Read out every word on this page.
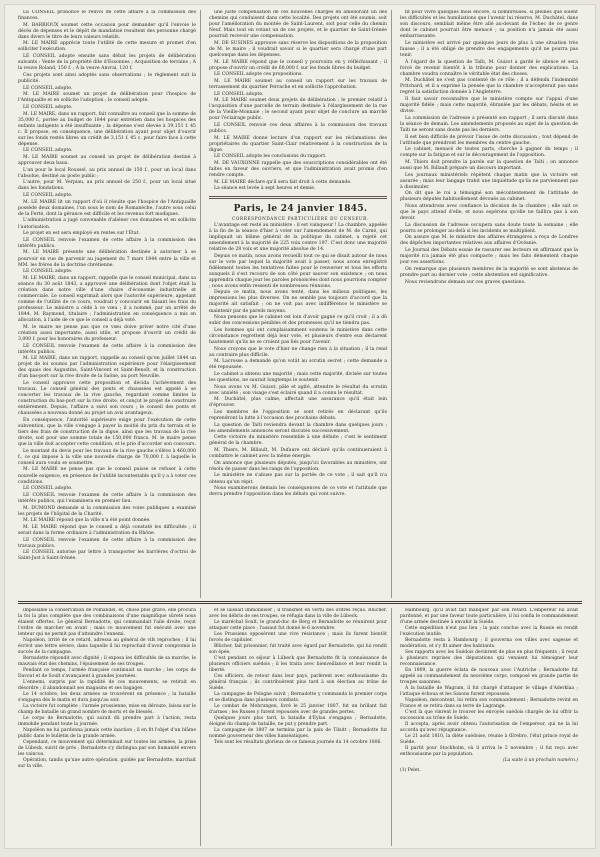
LE CONSEIL prononce le renvoi de cette affaire à la commission des finances.

M. BARRIOUX soumet cette occasion pour demander qu'il l'envoie le décès de dépenses et le dépôt de mandatisé resultent des personne chargé dans divers le titre de leurs valeurs relatifs.

M. LE MAIRE apprécie toute l'utilité de cette mesure et promet d'en solliciter l'exécution.

LE CONSEIL adopte ensuite sans débat les projets de délibération suivants : Vente de la propriété dite d'Essonnes ; Acquisition de terrains ; À la veuve Roland, 150 f. ; À la veuve Anvrai, 120 f.

Ces projets sont ainsi adoptés sans observations ; le règlement suit la publicité.

LE CONSEIL adopte.

M. LE MAIRE soumet un projet de délibération pour l'hospice de l'Antiquaille et en sollicite l'adoption ; le conseil adopte.

LE CONSEIL adopte.

M. LE MAIRE, dans un rapport, fait connaître au conseil que la somme de 35,000 f., portée au budget de 1844 pour entretien dans les hospices des enfants indigents a été insuffisante ; la dépense s'est élevée à 39,151 f. 45 c. Il propose, en conséquence, une délibération ayant pour objet d'ouvrir sur les fonds restés libres un crédit de 3,151 f. 45 c. pour faire face à cette dépense.

LE CONSEIL adopte.

M. LE MAIRE soumet au conseil un projet de délibération destiné à approuver deux baux.

L'un pour le local Roussel, au prix annuel de 150 f., pour un local dans l'absolue, destiné au poste public ;

L'autre, pour M. Verpiau, au prix annuel de 250 f., pour un local situé dans les fondations.

LE CONSEIL adopte.

M. LE MAIRE lit un rapport d'où il résulte que l'hospice de l'Antiquaille possède deux domaines, l'un sous le nom de Romanèche, l'autre sous celui de la Ferté, dont la gérance est difficile et les revenus fort modiques.

L'administration a jugé convenable d'aliéner ces domaines et en sollicite l'autorisation.

Le projet en est sera employé en rentes sur l'État.

LE CONSEIL renvoie l'examen de cette affaire à la commission des intérêts publics.

M. LE MAIRE présente une délibération destinée à autoriser à se pourvoir en vue de parvenir au jugement du 7 mars 1844 entre la ville et MM. les frères de la doctrine chrétienne.

LE CONSEIL adopte.

M. LE MAIRE, dans un rapport, rappelle que le conseil municipal, dans sa séance du 30 août 1843, a approuvé une délibération dont l'objet était la création dans notre ville d'une chaire d'économie industrielle et commerciale. Le conseil exprimait alors que l'autorité supérieure, appelant comme de l'utilité de ce cours, voudrait y concourir en faisant les frais du professeur. Le ministre a cédé à ce vœu ; il a nommé, par un arrêté de 1844, M. Raymond, titulaire ; l'administration en conséquence a mis en allocation, à l'aide de ce que le conseil a déjà voté.

M. le maire ne pense pas que ce vœu doive priver notre cité d'une création aussi importante, aussi utile, et propose d'ouvrir un crédit de 3,000 f. pour les honoraires du professeur.

LE CONSEIL renvoie l'examen de cette affaire à la commission des intérêts publics.

M. LE MAIRE, dans un rapport, rappelle au conseil qu'en juillet 1844 un projet de loi soumis par l'administration supérieure pour l'élargissement des quais des Augustins, Saint-Vincent et Saint-Benoît, et la construction d'un bas-port sur la rive droite de la Saône, au port Neuville.

Le conseil approuve cette proposition et décida l'achèvement des travaux. Le conseil général des ponts et chaussées est appelé à se concerter les travaux de la rive gauche, regardant comme limites la construction du bas-port sur la rive droite, et conçut le projet de construire entièrement. Depuis, l'affaire a suivi son cours ; le conseil des ponts et chaussées a nouveau donné au projet un avis avantageux.

En conséquence, l'autorité supérieure exige pour l'exécution de cette subvention, que la ville s'engage à payer la moitié du prix du terrain et le tiers des frais de construction de la digue, ainsi que les travaux de la rive droite, soit pour une somme totale de 150,000 francs. M. le maire pense que la ville doit accepter cette condition, et le prie d'accorder son concours.

Le montant du devis pour les travaux de la rive gauche s'élève à 460,000 f., ce qui impose à la ville une nouvelle charge de 70,000 f. à laquelle le conseil aura voulu se soumettre.

M. LE MAIRE ne pense pas que le conseil puisse se refuser à cette nouvelle exigence, en présence de l'utilité incontestable qu'il y a à voter ces conditions.

LE CONSEIL adopte.

LE CONSEIL renvoie l'examen de cette affaire à la commission des intérêts publics, qui l'examinera en premier lieu.

M. DUMOND demande si la commission des voies publiques a examiné les projets de l'hôpital de la Charité.

M. LE MAIRE répond que la ville n'a été point donnée.

M. LE MAIRE répond que le conseil a déjà constaté les difficultés ; il serait dans la forme ordinaire à l'administration du Rhône.

LE CONSEIL renvoie l'examen de cette affaire à la commission des travaux publics.

LE CONSEIL autorise par lettre à transporter les barrières d'octroi de Saint-Just à Saint-Irénée.

une juste compensation de ces nouvelles charges en améliorant un des chemins qui conduisent dans cette localité. Des projets ont été soumis, soit pour l'amélioration du montée de Saint-Laurent, soit pour celle du chemin Neuf. Mais tout en votant un de ces projets, et le quartier de Saint-Irénée pourrait recevoir une compensation.

M. DE SUSINES approuve sans réserve les dispositions de la proposition de M. le maire ; il voudrait savoir si le quartier sera chargé d'une part quelconque dans les dépenses.

M. LE MAIRE répond que le conseil y pourvoira en y réfléchissant ; il propose d'ouvrir un crédit de 60,000 f. sur les fonds libres du budget.

LE CONSEIL adopte ces propositions.

M. LE MAIRE soumet au conseil un rapport sur les travaux de terrassement du quartier Perrache et en sollicite l'approbation.

LE CONSEIL adopte.

M. LE MAIRE soumet deux projets de délibération ; le premier relatif à l'acquisition d'une parcelle de terrain destinée à l'élargissement de la rue de la Vieille-Monnaie ; le second ayant pour objet de conclure un marché pour l'éclairage public.

LE CONSEIL renvoie ces deux affaires à la commission des travaux publics.

M. LE MAIRE donne lecture d'un rapport sur les réclamations des propriétaires du quartier Saint-Clair relativement à la construction de la digue.

LE CONSEIL adopte les conclusions du rapport.

M. DE VAUXONNE rappelle que des souscriptions considérables ont été faites en faveur des ouvriers, et que l'administration avait promis d'en rendre compte.

M. LE MAIRE déclare qu'il sera fait droit à cette demande.

La séance est levée à sept heures et demie.

Paris, le 24 janvier 1845.

CORRESPONDANCE PARTICULIÈRE DU CENSEUR.

L'avantage est resté au ministère : il est vainqueur ! La chambre, appelée à la fin de la séance d'hier à voter sur l'amendement de M. de Carné, qui impliquait un blâme général de la politique du cabinet, a rejeté cet amendement à la majorité de 225 voix contre 197. C'est donc une majorité relative de 28 voix et une majorité absolue de 14.

Depuis ce matin, nous avons recueilli tout ce qui se disait autour de nous sur le vote par lequel la majorité avait à passer, nous avons enregistré fidèlement toutes les tentatives faites pour le renverser et tous les efforts auxquels il s'est recouru de son côté pour sauver son existence ; on nous apprendra chaque jour les paroles prononcées dont nous pourrions compter ; nous avons enfin ressenti de nombreuses réunions.

Depuis ce matin, nous avons tenté, dans les milieux politiques, les impressions les plus diverses. On ne semble pas toujours d'accord que la majorité ait satisfait ; on ne voit pas avec indifférence le ministère se maintenir par de pareils moyens.

Nous pensons que le cabinet est loin d'avoir gagné ce qu'il croit ; il a dû subir des concessions pénibles et des promesses qu'il ne tiendra pas.

Les hommes qui ont complaisamment soutenu le ministère dans cette circonstance regrettent déjà leur vote, et plusieurs d'entre eux déclarent hautement qu'ils ne se croient pas liés pour l'avenir.

Nous croyons que le vote d'hier ne change rien à la situation ; il la rend au contraire plus difficile.

M. Lacrosse a demandé qu'on votât au scrutin secret ; cette demande a été repoussée.

Le cabinet a obtenu une majorité ; mais cette majorité, divisée sur toutes les questions, ne saurait longtemps le soutenir.

Nous avons vu M. Guizot, pâle et agité, attendre le résultat du scrutin avec anxiété ; son visage s'est éclairé quand il a connu le résultat.

M. Duchâtel, plus calme, affectait une assurance qu'il était loin d'éprouver.

Les membres de l'opposition se sont retirés en déclarant qu'ils reprendront la lutte à l'occasion des prochains débats.

La question de Taïti reviendra devant la chambre dans quelques jours ; les amendements annoncés seront discutés successivement.

Cette victoire du ministère ressemble à une défaite ; c'est le sentiment général de la chambre.

M. Thiers, M. Billault, M. Dufaure ont déclaré qu'ils continueraient à combattre le cabinet avec la même énergie.

On annonce que plusieurs députés, jusqu'ici favorables au ministère, ont résolu de passer dans les rangs de l'opposition.

Le ministère ne s'abuse pas sur la portée de ce vote ; il sait qu'il n'a obtenu qu'un répit.

Nous examinerons demain les conséquences de ce vote et l'attitude que devra prendre l'opposition dans les débats qui vont suivre.

fit pour vivre quelques mois encore, si nombreuses, si pleines que soient les difficultés et les humiliations que l'avenir lui réserve, M. Duchâtel, dans son discours, semblait même être allé au-devant de l'échec de ce genre dont le cabinet pourrait être menacé ; sa position n'a jamais été aussi embarrassante.

Le ministère est arrivé par quelques jours de plus à une situation très fausse ; il a été obligé de prendre des engagements qu'il ne pourra pas tenir.

À l'égard de la question de Taïti, M. Guizot a gardé le silence et sera forcé de revenir bientôt à la tribune pour donner des explications. La chambre voudra connaître le véritable état des choses.

M. Duchâtel ne s'est pas contenté de ce rôle ; il a défendu l'indemnité Pritchard, et il a exprimé la pensée que la chambre n'accepterait pas sans regret la satisfaction donnée à l'Angleterre.

Il faut savoir reconnaître que le ministère compte sur l'appui d'une majorité fidèle ; mais cette majorité, ébranlée par les débats, hésite et se divise.

La commission de l'adresse a présenté son rapport ; il sera discuté dans la séance de demain. Les amendements proposés au sujet de la question de Taïti ne seront sans doute pas les derniers.

Il est bien difficile de prévoir l'issue de cette discussion ; tout dépend de l'attitude que prendront les membres du centre gauche.

Le cabinet, menacé de toutes parts, cherche à gagner du temps ; il compte sur la fatigue et sur le découragement de l'opposition.

M. Thiers doit prendre la parole sur la question de Taïti ; on annonce aussi que M. Billault prépare un discours important.

Les journaux ministériels répètent chaque matin que la victoire est assurée ; mais leur langage trahit une inquiétude qu'ils ne parviennent pas à dissimuler.

On dit que le roi a témoigné son mécontentement de l'attitude de plusieurs députés habituellement dévoués au cabinet.

Nous attendrons avec confiance la décision de la chambre ; elle sait ce que le pays attend d'elle, et nous espérons qu'elle ne faillira pas à son devoir.

La discussion de l'adresse occupera sans doute toute la semaine ; elle pourra se prolonger au-delà si les incidents se multiplient.

On assure que M. le ministre des affaires étrangères a reçu de Londres des dépêches importantes relatives aux affaires d'Océanie.

Le Journal des Débats essaie de rassurer ses lecteurs en affirmant que la majorité n'a jamais été plus compacte ; mais les faits démentent chaque jour ces assertions.

On remarque que plusieurs membres de la majorité se sont abstenus de prendre part au dernier vote ; cette abstention est significative.

Nous reviendrons demain sur ces graves questions.

impossible la conservation de Pomandel, et, chose plus grave, elle procura la foi la plus complète que des combinaisons d'une magnifique sûreté nous étaient offertes. Le général Bernadotte, qui commandait l'aile droite, reçut l'ordre de marcher en avant ; mais ce mouvement fut exécuté avec une lenteur qui ne permit pas d'atteindre l'ennemi.

Napoléon, irrité de ce retard, adressa au général de vifs reproches ; il lui écrivit une lettre sévère, dans laquelle il lui reprochait d'avoir compromis le succès de la campagne.

Bernadotte répondit avec dignité ; il exposa les difficultés de sa marche, le mauvais état des chemins, l'épuisement de ses troupes.

Pendant ce temps, l'armée française continuait sa marche ; les corps de Davout et de Soult s'avançaient à grandes journées.

L'ennemi, surpris par la rapidité de ces mouvements, se retirait en désordre ; il abandonnait ses magasins et ses bagages.

Le 14 octobre, les deux armées se trouvèrent en présence ; la bataille s'engagea dès le matin et dura jusqu'au soir.

La victoire fut complète ; l'armée prussienne, mise en déroute, laissa sur le champ de bataille un grand nombre de morts et de blessés.

Le corps de Bernadotte, qui aurait dû prendre part à l'action, resta immobile pendant toute la journée.

Napoléon ne lui pardonna jamais cette inaction ; il en fit l'objet d'un blâme public dans le bulletin de la grande armée.

Cependant, ce mouvement qui déterminait sur toutes les armées, la prise de Lübeck, suivit de près ; Bernadotte s'y distingua par son humanité envers les vaincus.

Opération, tandis qu'une autre opération, guidée par Bernadotte, marchait sur la ville.

et se laissait immobiliser ; il transmet en vertu des ordres reçus. Blücher, avec les débris de ses troupes, se réfugia dans la ville de Lübeck.

Le maréchal Soult, le grand-duc de Berg et Bernadotte se réunirent pour attaquer cette place ; l'assaut fut donné le 6 novembre.

Les Prussiens opposèrent une vive résistance ; mais ils furent bientôt forcés de capituler.

Blücher, fait prisonnier, fut traité avec égard par Bernadotte, qui lui rendit son épée.

C'est pendant ce séjour à Lübeck que Bernadotte fit la connaissance de plusieurs officiers suédois ; il les traita avec bienveillance et leur rendit la liberté.

Ces officiers, de retour dans leur pays, parlèrent avec enthousiasme du général français ; ils contribuèrent plus tard à son élection au trône de Suède.

La campagne de Pologne suivit ; Bernadotte y commanda le premier corps et se distingua dans plusieurs combats.

Le combat de Mohrungen, livré le 25 janvier 1807, fut un brillant fait d'armes ; les Russes y furent repoussés avec de grandes pertes.

Quelques jours plus tard, la bataille d'Eylau s'engagea ; Bernadotte, éloigné du champ de bataille, ne put y prendre part.

La campagne de 1807 se termina par la paix de Tilsitt ; Bernadotte fut nommé gouverneur des villes hanséatiques.

Tels sont les résultats glorieux de ce fameux journée du 14 octobre 1806.

Hambourg, qu'il avait fait manquer par son retard. L'empereur lui avait pardonné, et par une faveur toute particulière, il lui confia le commandement d'une armée destinée à envahir la Suède.

Cette expédition n'eut pas lieu ; la paix conclue avec la Russie en rendit l'exécution inutile.

Bernadotte resta à Hambourg ; il gouverna ces villes avec sagesse et modération, et s'y fit aimer des habitants.

Ses rapports avec les Suédois devinrent de plus en plus fréquents ; il reçut à plusieurs reprises des députations qui venaient lui témoigner leur reconnaissance.

En 1809, la guerre éclata de nouveau avec l'Autriche ; Bernadotte fut appelé au commandement du neuvième corps, composé en grande partie de troupes saxonnes.

À la bataille de Wagram, il fut chargé d'attaquer le village d'Aderklaa ; l'attaque échoua et les Saxons furent repoussés.

Napoléon, mécontent, lui retira son commandement ; Bernadotte revint en France et se retira dans sa terre de Lagrange.

C'est là que vinrent le trouver les envoyés suédois chargés de lui offrir la succession au trône de Suède.

Il accepta, après avoir obtenu l'autorisation de l'empereur, qui ne la lui accorda qu'avec répugnance.

Le 21 août 1810, la diète suédoise, réunie à Œrebro, l'élut prince royal de Suède.

Il partit pour Stockholm, où il arriva le 2 novembre ; il fut reçu avec enthousiasme par la population.

(La suite à un prochain numéro.)

(1) Pelet.
